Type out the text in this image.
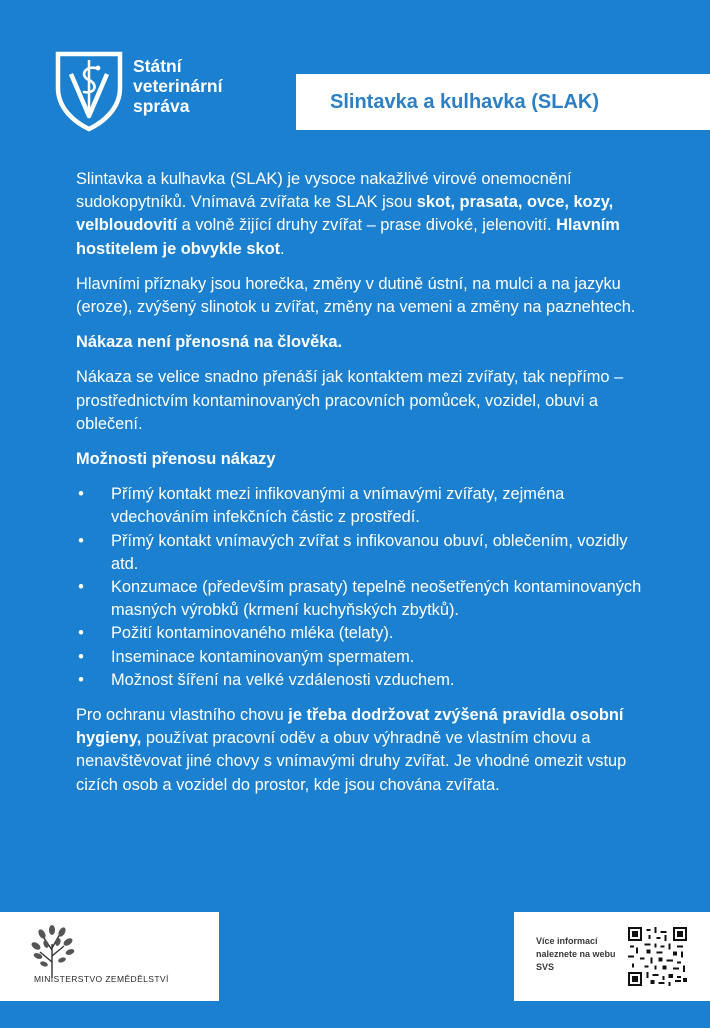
Státní
veterinární
správa	Slintavka a kulhavka (SLAK)

Slintavka a kulhavka (SLAK) je vysoce nakažlivé virové onemocnění sudokopytníků. Vnímavá zvířata ke SLAK jsou skot, prasata, ovce, kozy, velbloudovití a volně žijící druhy zvířat – prase divoké, jelenovití. Hlavním hostitelem je obvykle skot.

Hlavními příznaky jsou horečka, změny v dutině ústní, na mulci a na jazyku (eroze), zvýšený slinotok u zvířat, změny na vemeni a změny na paznehtech.

Nákaza není přenosná na člověka.

Nákaza se velice snadno přenáší jak kontaktem mezi zvířaty, tak nepřímo – prostřednictvím kontaminovaných pracovních pomůcek, vozidel, obuvi a oblečení.

Možnosti přenosu nákazy

• Přímý kontakt mezi infikovanými a vnímavými zvířaty, zejména vdechováním infekčních částic z prostředí.
• Přímý kontakt vnímavých zvířat s infikovanou obuví, oblečením, vozidly atd.
• Konzumace (především prasaty) tepelně neošetřených kontaminovaných masných výrobků (krmení kuchyňských zbytků).
• Požití kontaminovaného mléka (telaty).
• Inseminace kontaminovaným spermatem.
• Možnost šíření na velké vzdálenosti vzduchem.

Pro ochranu vlastního chovu je třeba dodržovat zvýšená pravidla osobní hygieny, používat pracovní oděv a obuv výhradně ve vlastním chovu a nenavštěvovat jiné chovy s vnímavými druhy zvířat. Je vhodné omezit vstup cizích osob a vozidel do prostor, kde jsou chována zvířata.

MINISTERSTVO ZEMĚDĚLSTVÍ
Více informací naleznete na webu SVS
